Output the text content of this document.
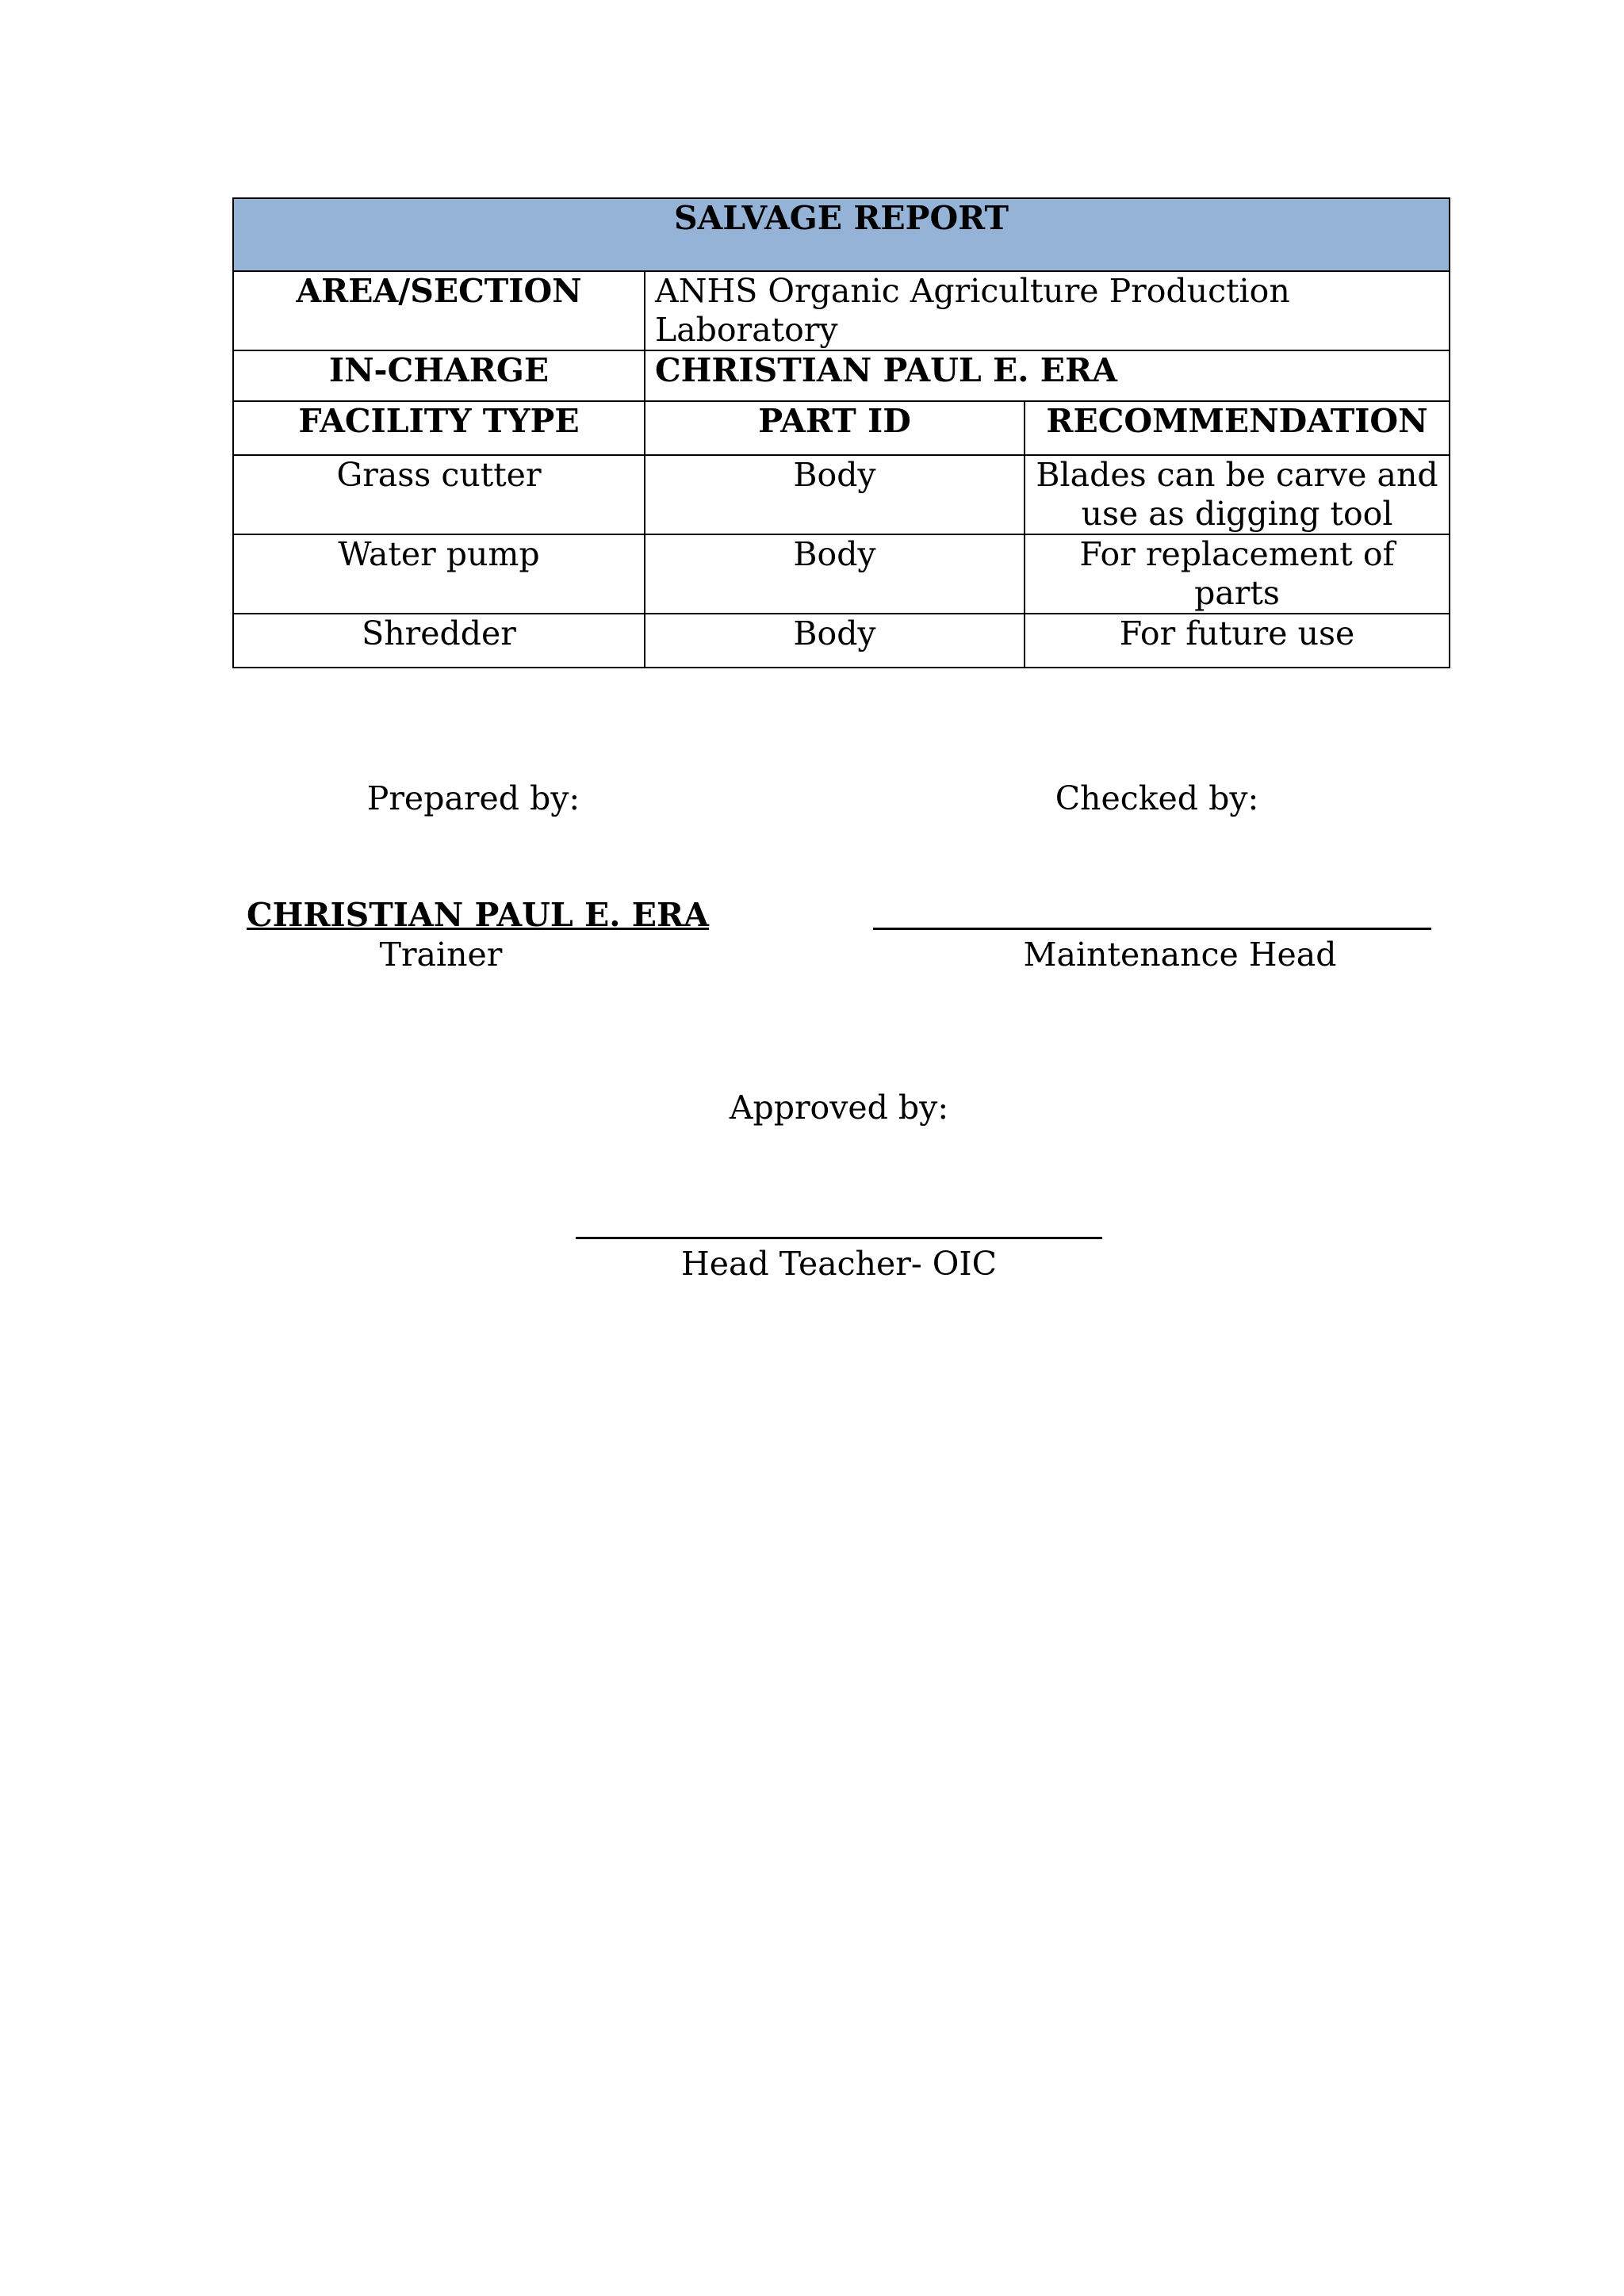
SALVAGE REPORT		
AREA/SECTION	ANHS Organic Agriculture Production Laboratory	
IN-CHARGE	CHRISTIAN PAUL E. ERA	
FACILITY TYPE	PART ID	RECOMMENDATION
Grass cutter	Body	Blades can be carve and use as digging tool
Water pump	Body	For replacement of parts
Shredder	Body	For future use
Prepared by:
CHRISTIAN PAUL E. ERA
Trainer
Checked by:
Maintenance Head
Approved by:
Head Teacher- OIC
